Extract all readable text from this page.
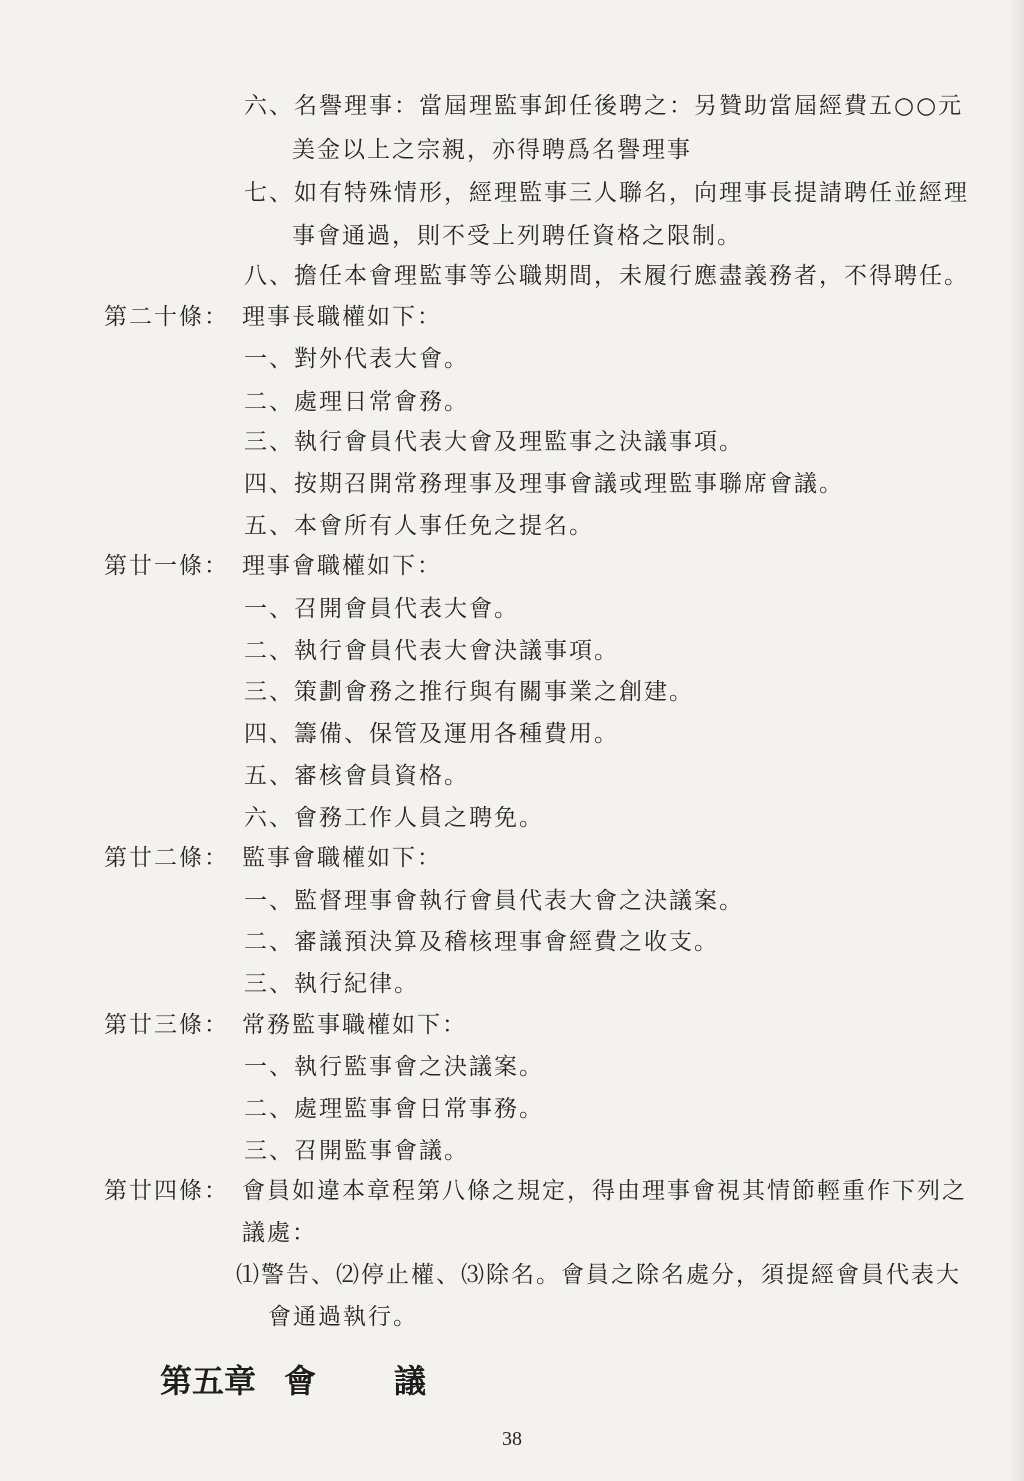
六、名譽理事：當屆理監事卸任後聘之：另贊助當屆經費五○○元
美金以上之宗親，亦得聘爲名譽理事
七、如有特殊情形，經理監事三人聯名，向理事長提請聘任並經理
事會通過，則不受上列聘任資格之限制。
八、擔任本會理監事等公職期間，未履行應盡義務者，不得聘任。
第二十條： 理事長職權如下：
一、對外代表大會。
二、處理日常會務。
三、執行會員代表大會及理監事之決議事項。
四、按期召開常務理事及理事會議或理監事聯席會議。
五、本會所有人事任免之提名。
第廿一條： 理事會職權如下：
一、召開會員代表大會。
二、執行會員代表大會決議事項。
三、策劃會務之推行與有關事業之創建。
四、籌備、保管及運用各種費用。
五、審核會員資格。
六、會務工作人員之聘免。
第廿二條： 監事會職權如下：
一、監督理事會執行會員代表大會之決議案。
二、審議預決算及稽核理事會經費之收支。
三、執行紀律。
第廿三條： 常務監事職權如下：
一、執行監事會之決議案。
二、處理監事會日常事務。
三、召開監事會議。
第廿四條： 會員如違本章程第八條之規定，得由理事會視其情節輕重作下列之
議處：
⑴警告、⑵停止權、⑶除名。會員之除名處分，須提經會員代表大
會通過執行。
第五章 會 議
38
